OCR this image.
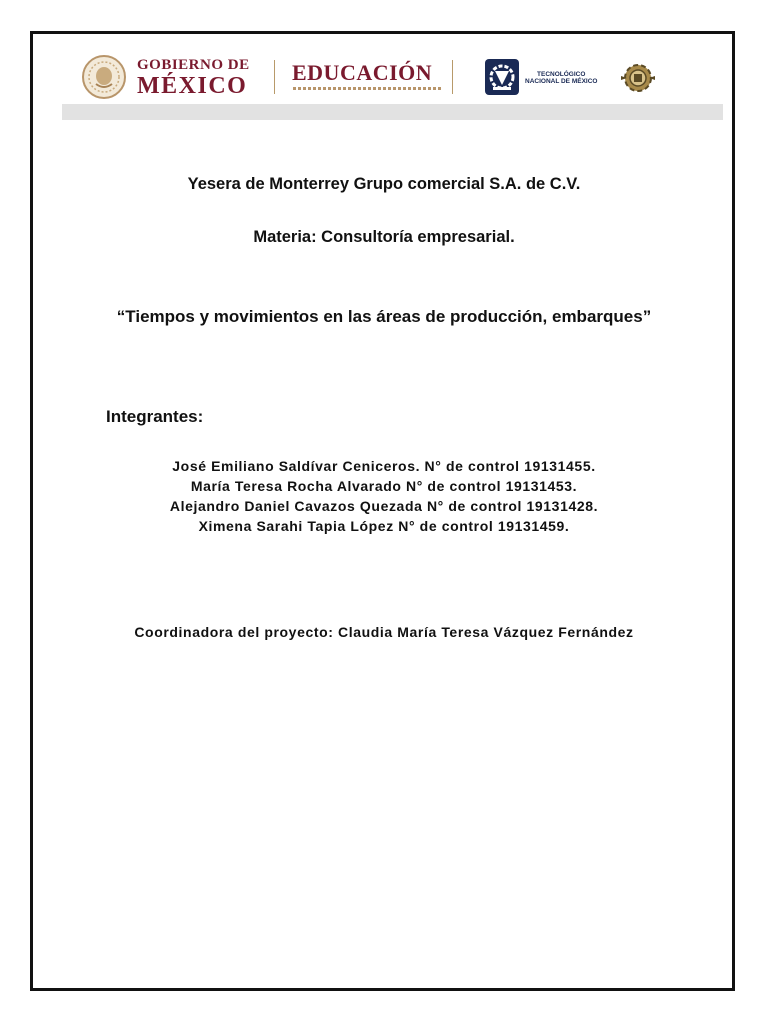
GOBIERNO DE
MÉXICO
EDUCACIÓN	TECNOLÓGICO
NACIONAL DE MÉXICO
Yesera de Monterrey Grupo comercial S.A. de C.V.
Materia: Consultoría empresarial.
“Tiempos y movimientos en las áreas de producción, embarques”
Integrantes:
José Emiliano Saldívar Ceniceros. N° de control 19131455.
María Teresa Rocha Alvarado N° de control 19131453.
Alejandro Daniel Cavazos Quezada N° de control 19131428.
Ximena Sarahi Tapia López N° de control 19131459.
Coordinadora del proyecto: Claudia María Teresa Vázquez Fernández
